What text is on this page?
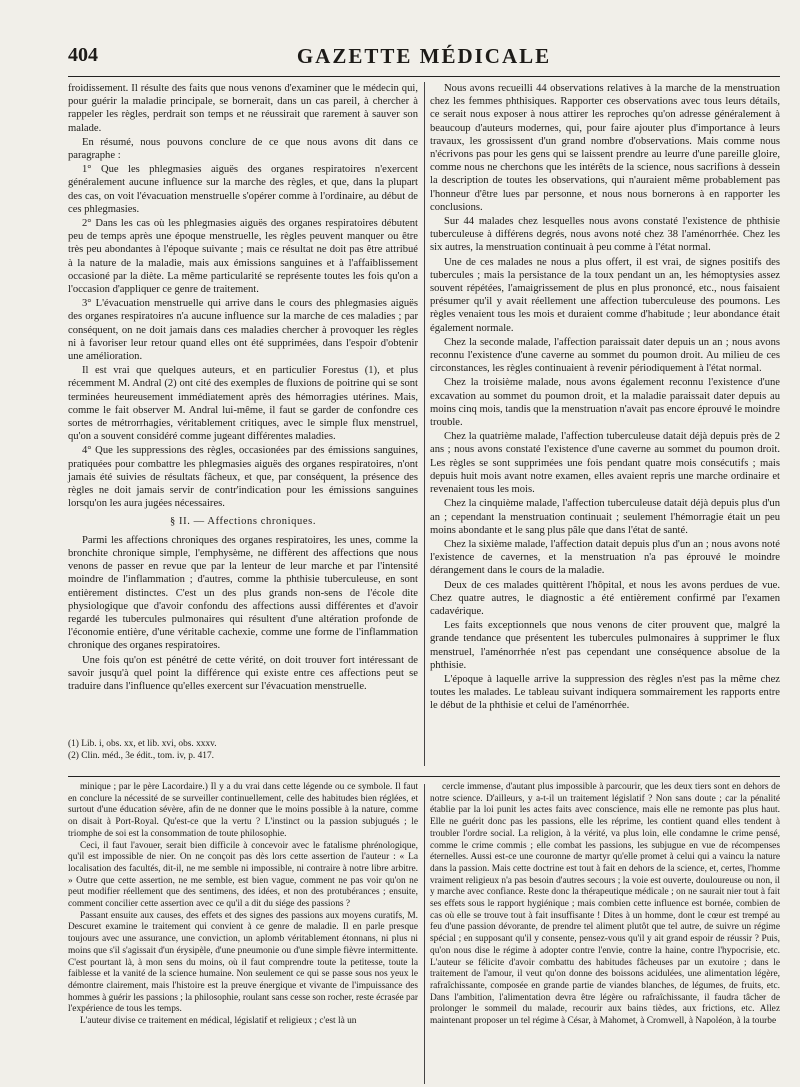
404	GAZETTE MÉDICALE

froidissement. Il résulte des faits que nous venons d'examiner que le médecin qui, pour guérir la maladie principale, se bornerait, dans un cas pareil, à chercher à rappeler les règles, perdrait son temps et ne réussirait que rarement à sauver son malade.

En résumé, nous pouvons conclure de ce que nous avons dit dans ce paragraphe :

1° Que les phlegmasies aiguës des organes respiratoires n'exercent généralement aucune influence sur la marche des règles, et que, dans la plupart des cas, on voit l'évacuation menstruelle s'opérer comme à l'ordinaire, au début de ces phlegmasies.

2° Dans les cas où les phlegmasies aiguës des organes respiratoires débutent peu de temps après une époque menstruelle, les règles peuvent manquer ou être très peu abondantes à l'époque suivante ; mais ce résultat ne doit pas être attribué à la nature de la maladie, mais aux émissions sanguines et à l'affaiblissement occasioné par la diète. La même particularité se représente toutes les fois qu'on a l'occasion d'appliquer ce genre de traitement.

3° L'évacuation menstruelle qui arrive dans le cours des phlegmasies aiguës des organes respiratoires n'a aucune influence sur la marche de ces maladies ; par conséquent, on ne doit jamais dans ces maladies chercher à provoquer les règles ni à favoriser leur retour quand elles ont été supprimées, dans l'espoir d'obtenir une amélioration.

Il est vrai que quelques auteurs, et en particulier Forestus (1), et plus récemment M. Andral (2) ont cité des exemples de fluxions de poitrine qui se sont terminées heureusement immédiatement après des hémorragies utérines. Mais, comme le fait observer M. Andral lui-même, il faut se garder de confondre ces sortes de métrorrhagies, véritablement critiques, avec le simple flux menstruel, qu'on a souvent considéré comme jugeant différentes maladies.

4° Que les suppressions des règles, occasionées par des émissions sanguines, pratiquées pour combattre les phlegmasies aiguës des organes respiratoires, n'ont jamais été suivies de résultats fâcheux, et que, par conséquent, la présence des règles ne doit jamais servir de contr'indication pour les émissions sanguines lorsqu'on les aura jugées nécessaires.

§ II. — Affections chroniques.

Parmi les affections chroniques des organes respiratoires, les unes, comme la bronchite chronique simple, l'emphysème, ne diffèrent des affections que nous venons de passer en revue que par la lenteur de leur marche et par l'intensité moindre de l'inflammation ; d'autres, comme la phthisie tuberculeuse, en sont entièrement distinctes. C'est un des plus grands non-sens de l'école dite physiologique que d'avoir confondu des affections aussi différentes et d'avoir regardé les tubercules pulmonaires qui résultent d'une altération profonde de l'économie entière, d'une véritable cachexie, comme une forme de l'inflammation chronique des organes respiratoires.

Une fois qu'on est pénétré de cette vérité, on doit trouver fort intéressant de savoir jusqu'à quel point la différence qui existe entre ces affections peut se traduire dans l'influence qu'elles exercent sur l'évacuation menstruelle.

(1) Lib. i, obs. xx, et lib. xvi, obs. xxxv.
(2) Clin. méd., 3e édit., tom. iv, p. 417.

Nous avons recueilli 44 observations relatives à la marche de la menstruation chez les femmes phthisiques. Rapporter ces observations avec tous leurs détails, ce serait nous exposer à nous attirer les reproches qu'on adresse généralement à beaucoup d'auteurs modernes, qui, pour faire ajouter plus d'importance à leurs travaux, les grossissent d'un grand nombre d'observations. Mais comme nous n'écrivons pas pour les gens qui se laissent prendre au leurre d'une pareille gloire, comme nous ne cherchons que les intérêts de la science, nous sacrifions à dessein la description de toutes les observations, qui n'auraient même probablement pas l'honneur d'être lues par personne, et nous nous bornerons à en rapporter les conclusions.

Sur 44 malades chez lesquelles nous avons constaté l'existence de phthisie tuberculeuse à différens degrés, nous avons noté chez 38 l'aménorrhée. Chez les six autres, la menstruation continuait à peu comme à l'état normal.

Une de ces malades ne nous a plus offert, il est vrai, de signes positifs des tubercules ; mais la persistance de la toux pendant un an, les hémoptysies assez souvent répétées, l'amaigrissement de plus en plus prononcé, etc., nous faisaient présumer qu'il y avait réellement une affection tuberculeuse des poumons. Les règles venaient tous les mois et duraient comme d'habitude ; leur abondance était également normale.

Chez la seconde malade, l'affection paraissait dater depuis un an ; nous avons reconnu l'existence d'une caverne au sommet du poumon droit. Au milieu de ces circonstances, les règles continuaient à revenir périodiquement à l'état normal.

Chez la troisième malade, nous avons également reconnu l'existence d'une excavation au sommet du poumon droit, et la maladie paraissait dater depuis au moins cinq mois, tandis que la menstruation n'avait pas encore éprouvé le moindre trouble.

Chez la quatrième malade, l'affection tuberculeuse datait déjà depuis près de 2 ans ; nous avons constaté l'existence d'une caverne au sommet du poumon droit. Les règles se sont supprimées une fois pendant quatre mois consécutifs ; mais depuis huit mois avant notre examen, elles avaient repris une marche ordinaire et revenaient tous les mois.

Chez la cinquième malade, l'affection tuberculeuse datait déjà depuis plus d'un an ; cependant la menstruation continuait ; seulement l'hémorragie était un peu moins abondante et le sang plus pâle que dans l'état de santé.

Chez la sixième malade, l'affection datait depuis plus d'un an ; nous avons noté l'existence de cavernes, et la menstruation n'a pas éprouvé le moindre dérangement dans le cours de la maladie.

Deux de ces malades quittèrent l'hôpital, et nous les avons perdues de vue. Chez quatre autres, le diagnostic a été entièrement confirmé par l'examen cadavérique.

Les faits exceptionnels que nous venons de citer prouvent que, malgré la grande tendance que présentent les tubercules pulmonaires à supprimer le flux menstruel, l'aménorrhée n'est pas cependant une conséquence absolue de la phthisie.

L'époque à laquelle arrive la suppression des règles n'est pas la même chez toutes les malades. Le tableau suivant indiquera sommairement les rapports entre le début de la phthisie et celui de l'aménorrhée.

minique ; par le père Lacordaire.) Il y a du vrai dans cette légende ou ce symbole. Il faut en conclure la nécessité de se surveiller continuellement, celle des habitudes bien réglées, et surtout d'une éducation sévère, afin de ne donner que le moins possible à la nature, comme on disait à Port-Royal. Qu'est-ce que la vertu ? L'instinct ou la passion subjugués ; le triomphe de soi est la consommation de toute philosophie.

Ceci, il faut l'avouer, serait bien difficile à concevoir avec le fatalisme phrénologique, qu'il est impossible de nier. On ne conçoit pas dès lors cette assertion de l'auteur : « La localisation des facultés, dit-il, ne me semble ni impossible, ni contraire à notre libre arbitre. » Outre que cette assertion, ne me semble, est bien vague, comment ne pas voir qu'on ne peut modifier réellement que des sentimens, des idées, et non des protubérances ; ensuite, comment concilier cette assertion avec ce qu'il a dit du siége des passions ?

Passant ensuite aux causes, des effets et des signes des passions aux moyens curatifs, M. Descuret examine le traitement qui convient à ce genre de maladie. Il en parle presque toujours avec une assurance, une conviction, un aplomb véritablement étonnans, ni plus ni moins que s'il s'agissait d'un érysipèle, d'une pneumonie ou d'une simple fièvre intermittente. C'est pourtant là, à mon sens du moins, où il faut comprendre toute la petitesse, toute la faiblesse et la vanité de la science humaine. Non seulement ce qui se passe sous nos yeux le démontre clairement, mais l'histoire est la preuve énergique et vivante de l'impuissance des hommes à guérir les passions ; la philosophie, roulant sans cesse son rocher, reste écrasée par l'expérience de tous les temps.

L'auteur divise ce traitement en médical, législatif et religieux ; c'est là un

cercle immense, d'autant plus impossible à parcourir, que les deux tiers sont en dehors de notre science. D'ailleurs, y a-t-il un traitement législatif ? Non sans doute ; car la pénalité établie par la loi punit les actes faits avec conscience, mais elle ne remonte pas plus haut. Elle ne guérit donc pas les passions, elle les réprime, les contient quand elles tendent à troubler l'ordre social. La religion, à la vérité, va plus loin, elle condamne le crime pensé, comme le crime commis ; elle combat les passions, les subjugue en vue de récompenses éternelles. Aussi est-ce une couronne de martyr qu'elle promet à celui qui a vaincu la nature dans la passion. Mais cette doctrine est tout à fait en dehors de la science, et, certes, l'homme vraiment religieux n'a pas besoin d'autres secours ; la voie est ouverte, douloureuse ou non, il y marche avec confiance. Reste donc la thérapeutique médicale ; on ne saurait nier tout à fait ses effets sous le rapport hygiénique ; mais combien cette influence est bornée, combien de cas où elle se trouve tout à fait insuffisante ! Dites à un homme, dont le cœur est trempé au feu d'une passion dévorante, de prendre tel aliment plutôt que tel autre, de suivre un régime spécial ; en supposant qu'il y consente, pensez-vous qu'il y ait grand espoir de réussir ? Puis, qu'on nous dise le régime à adopter contre l'envie, contre la haine, contre l'hypocrisie, etc. L'auteur se félicite d'avoir combattu des habitudes fâcheuses par un exutoire ; dans le traitement de l'amour, il veut qu'on donne des boissons acidulées, une alimentation légère, rafraîchissante, composée en grande partie de viandes blanches, de légumes, de fruits, etc. Dans l'ambition, l'alimentation devra être légère ou rafraîchissante, il faudra tâcher de prolonger le sommeil du malade, recourir aux bains tièdes, aux frictions, etc. Allez maintenant proposer un tel régime à César, à Mahomet, à Cromwell, à Napoléon, à la tourbe
